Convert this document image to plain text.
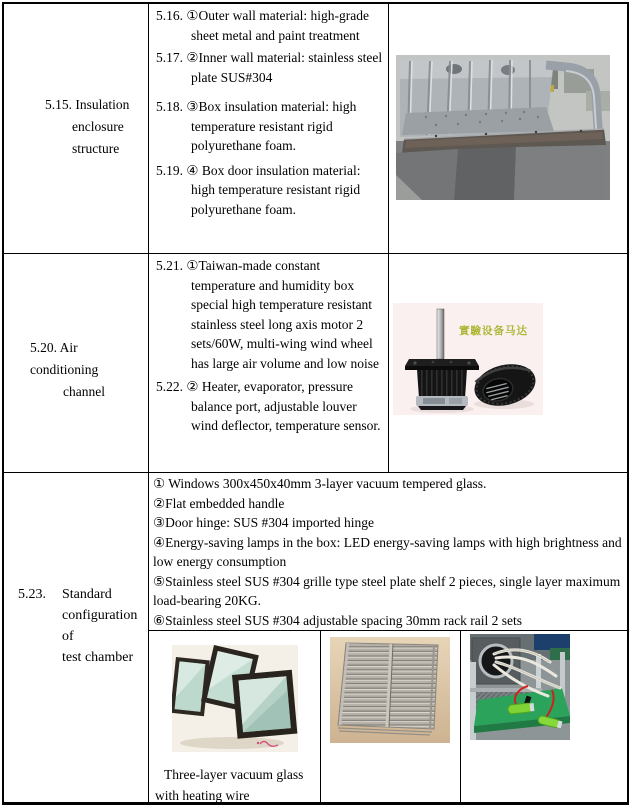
5.15. Insulation
enclosure
structure

5.16. ①Outer wall material: high-grade sheet metal and paint treatment

5.17. ②Inner wall material: stainless steel plate SUS#304

5.18. ③Box insulation material: high temperature resistant rigid polyurethane foam.

5.19. ④ Box door insulation material: high temperature resistant rigid polyurethane foam.

5.20. Air conditioning
channel

5.21. ①Taiwan-made constant temperature and humidity box special high temperature resistant stainless steel long axis motor 2 sets/60W, multi-wing wind wheel has large air volume and low noise

5.22. ② Heater, evaporator, pressure balance port, adjustable louver wind deflector, temperature sensor.

實驗设备马达
5.23. Standard
configuration of
test chamber

① Windows 300x450x40mm 3-layer vacuum tempered glass.

②Flat embedded handle

③Door hinge: SUS #304 imported hinge

④Energy-saving lamps in the box: LED energy-saving lamps with high brightness and low energy consumption

⑤Stainless steel SUS #304 grille type steel plate shelf 2 pieces, single layer maximum load-bearing 20KG.

⑥Stainless steel SUS #304 adjustable spacing 30mm rack rail 2 sets

Three-layer vacuum glass with heating wire
